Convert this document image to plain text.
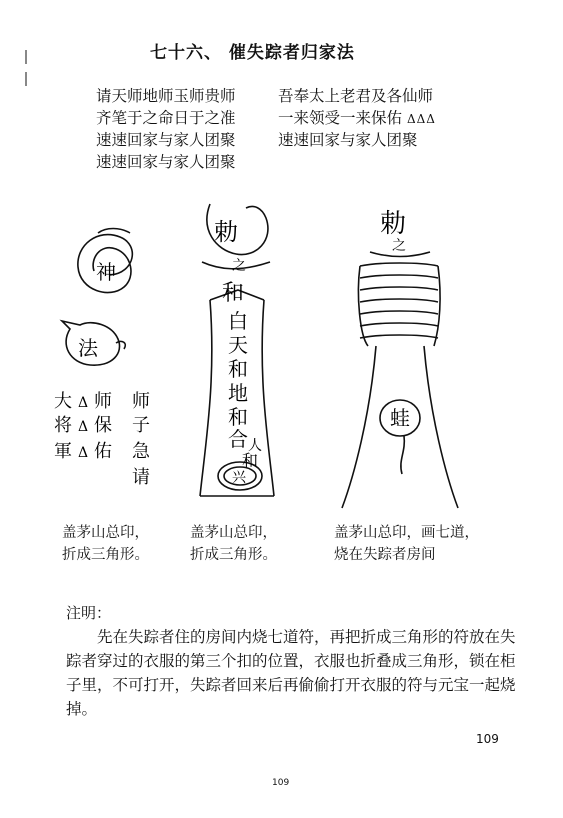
七十六、 催失踪者归家法
请天师地师玉师贵师
齐笔于之命日于之准
速速回家与家人团聚
速速回家与家人团聚
吾奉太上老君及各仙师
一来领受一来保佑 ΔΔΔ
速速回家与家人团聚
神
法
大
将
軍
Δ
Δ
Δ
师
保
佑
师
子
急
请
勅
之
和
白
天
和
地
和
合 人
和
兴
勅
之
蛙
盖茅山总印，
折成三角形。
盖茅山总印，
折成三角形。
盖茅山总印，画七道，
烧在失踪者房间
注明：
先在失踪者住的房间内烧七道符，再把折成三角形的符放在失踪者穿过的衣服的第三个扣的位置，衣服也折叠成三角形，锁在柜子里，不可打开，失踪者回来后再偷偷打开衣服的符与元宝一起烧掉。
109
109
